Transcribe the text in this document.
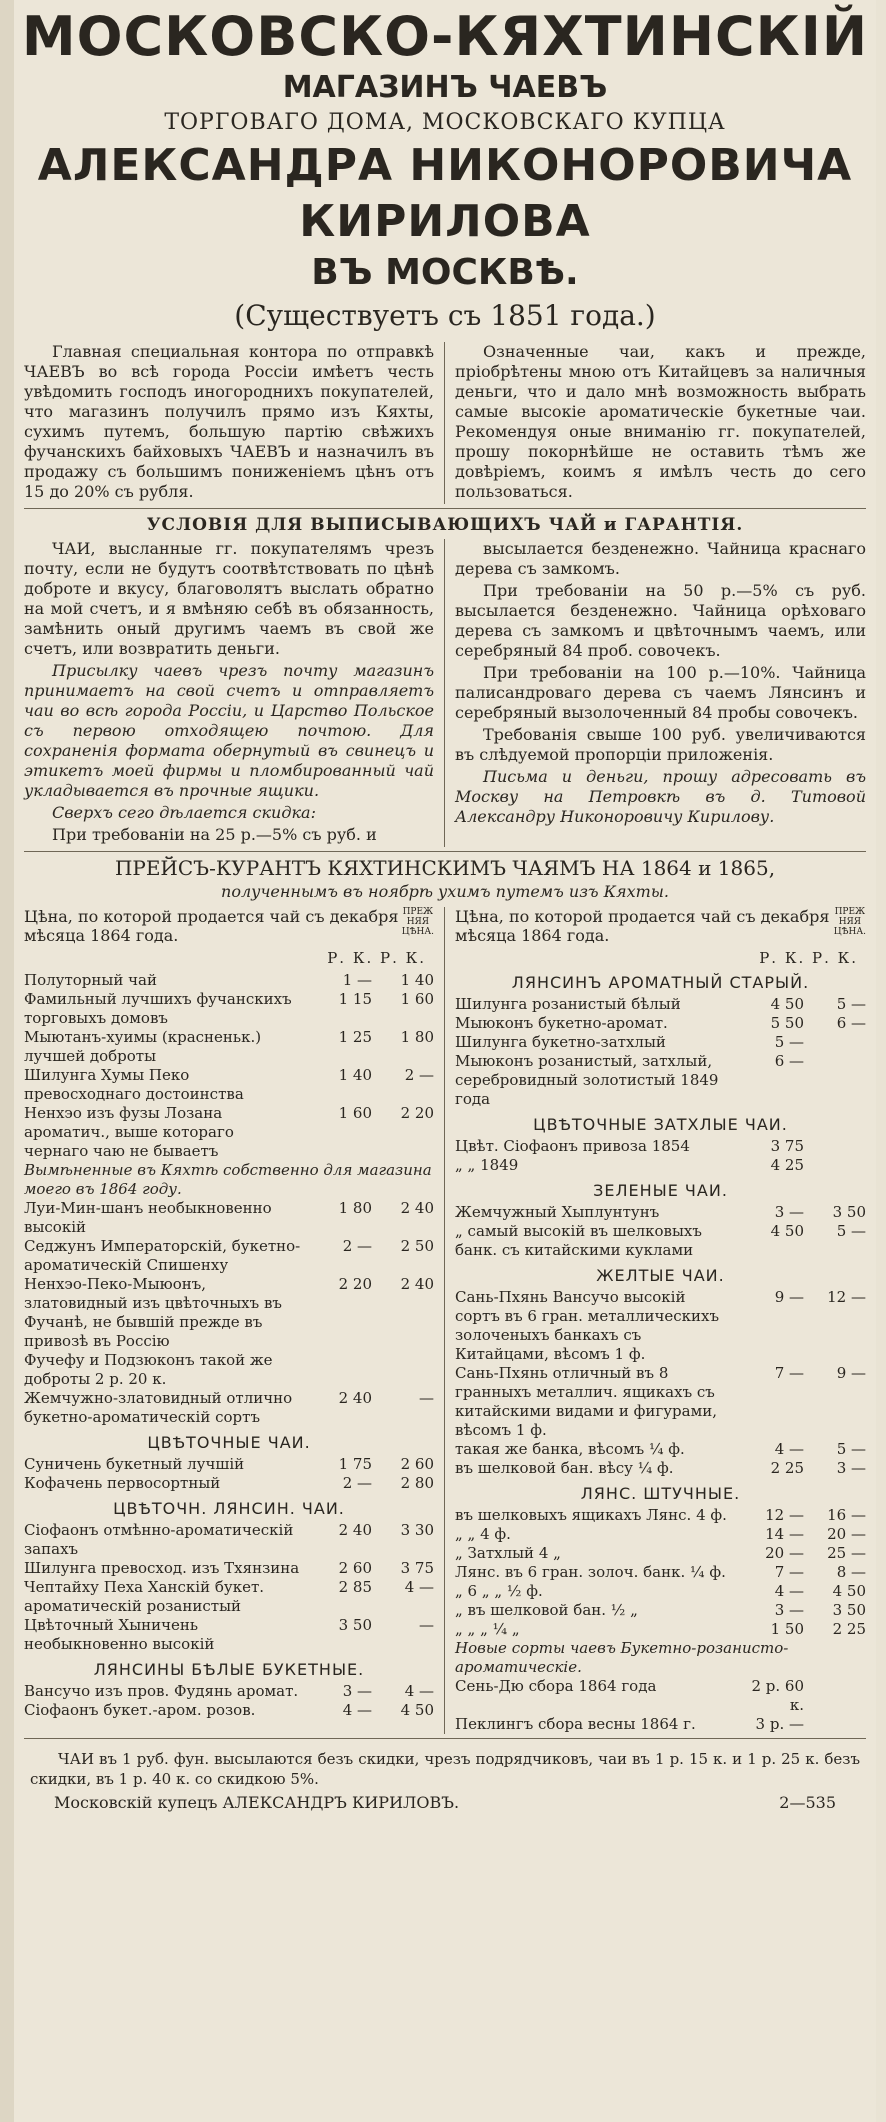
МОСКОВСКО-КЯХТИНСКІЙ
МАГАЗИНЪ ЧАЕВЪ
ТОРГОВАГО ДОМА, МОСКОВСКАГО КУПЦА
АЛЕКСАНДРА НИКОНОРОВИЧА КИРИЛОВА
ВЪ МОСКВѢ.
(Существуетъ съ 1851 года.)

Главная специальная контора по отправкѣ ЧАЕВЪ во всѣ города Россіи имѣетъ честь увѣдомить господъ иногороднихъ покупателей, что магазинъ получилъ прямо изъ Кяхты, сухимъ путемъ, большую партію свѣжихъ фучанскихъ байховыхъ ЧАЕВЪ и назначилъ въ продажу съ большимъ пониженіемъ цѣнъ отъ 15 до 20% съ рубля.

Означенные чаи, какъ и прежде, пріобрѣтены мною отъ Китайцевъ за наличныя деньги, что и дало мнѣ возможность выбрать самые высокіе ароматическіе букетные чаи. Рекомендуя оные вниманію гг. покупателей, прошу покорнѣйше не оставить тѣмъ же довѣріемъ, коимъ я имѣлъ честь до сего пользоваться.

УСЛОВІЯ ДЛЯ ВЫПИСЫВАЮЩИХЪ ЧАЙ и ГАРАНТІЯ.

ЧАИ, высланные гг. покупателямъ чрезъ почту, если не будутъ соотвѣтствовать по цѣнѣ доброте и вкусу, благоволятъ выслать обратно на мой счетъ, и я вмѣняю себѣ въ обязанность, замѣнить оный другимъ чаемъ въ свой же счетъ, или возвратить деньги.

Присылку чаевъ чрезъ почту магазинъ принимаетъ на свой счетъ и отправляетъ чаи во всѣ города Россіи, и Царство Польское съ первою отходящею почтою. Для сохраненія формата обернутый въ свинецъ и этикетъ моей фирмы и пломбированный чай укладывается въ прочные ящики.

Сверхъ сего дѣлается скидка:

При требованіи на 25 р.—5% съ руб. и

высылается безденежно. Чайница краснаго дерева съ замкомъ.

При требованіи на 50 р.—5% съ руб. высылается безденежно. Чайница орѣховаго дерева съ замкомъ и цвѣточнымъ чаемъ, или серебряный 84 проб. совочекъ.

При требованіи на 100 р.—10%. Чайница палисандроваго дерева съ чаемъ Лянсинъ и серебряный вызолоченный 84 пробы совочекъ.

Требованія свыше 100 руб. увеличиваются въ слѣдуемой пропорціи приложенія.

Письма и деньги, прошу адресовать въ Москву на Петровкѣ въ д. Титовой Александру Никоноровичу Кирилову.

ПРЕЙСЪ-КУРАНТЪ КЯХТИНСКИМЪ ЧАЯМЪ НА 1864 и 1865,
полученнымъ въ ноябрѣ ухимъ путемъ изъ Кяхты.
Цѣна, по которой продается чай съ декабря мѣсяца 1864 года.
ПРЕЖ НЯЯ ЦѢНА.
Р. К. Р. К.
Полуторный чай	1 —	1 40
Фамильный лучшихъ фучанскихъ торговыхъ домовъ
1 15	1 60
Мыютанъ-хуимы (красненьк.) лучшей доброты
1 25	1 80
Шилунга Хумы Пеко превосходнаго достоинства
1 40	2 —
Ненхэо изъ фузы Лозана ароматич., выше котораго чернаго чаю не бываетъ
1 60	2 20
Вымѣненные въ Кяхтѣ собственно для магазина моего въ 1864 году.
Луи-Мин-шанъ необыкновенно высокій
1 80	2 40
Седжунъ Императорскій, букетно-ароматическій Спишенху
2 —	2 50
Ненхэо-Пеко-Мыюонъ, златовидный изъ цвѣточныхъ въ Фучанѣ, не бывшій прежде въ привозѣ въ Россію
2 20	2 40
Фучефу и Подзюконъ такой же доброты 2 р. 20 к.
Жемчужно-златовидный отлично букетно-ароматическій сортъ
2 40	—
ЦВѢТОЧНЫЕ ЧАИ.
Суничень букетный лучшій	1 75	2 60
Кофачень первосортный	2 —	2 80
ЦВѢТОЧН. ЛЯНСИН. ЧАИ.
Сіофаонъ отмѣнно-ароматическій запахъ
2 40	3 30
Шилунга превосход. изъ Тхянзина	2 60	3 75
Чептайху Пеха Ханскій букет. ароматическій розанистый
2 85	4 —
Цвѣточный Хыничень необыкновенно высокій
3 50	—
ЛЯНСИНЫ БѢЛЫЕ БУКЕТНЫЕ.
Вансучо изъ пров. Фудянь аромат.	3 —	4 —
Сіофаонъ букет.-аром. розов.	4 —	4 50
Цѣна, по которой продается чай съ декабря мѣсяца 1864 года.
ПРЕЖ НЯЯ ЦѢНА.
Р. К. Р. К.
ЛЯНСИНЪ АРОМАТНЫЙ СТАРЫЙ.
Шилунга розанистый бѣлый	4 50	5 —
Мыюконъ букетно-аромат.	5 50	6 —
Шилунга букетно-затхлый	5 —
Мыюконъ розанистый, затхлый, серебровидный золотистый 1849 года
6 —
ЦВѢТОЧНЫЕ ЗАТХЛЫЕ ЧАИ.
Цвѣт. Сіофаонъ привоза 1854	3 75
„ „ 1849	4 25
ЗЕЛЕНЫЕ ЧАИ.
Жемчужный Хыплунтунъ	3 —	3 50
„ самый высокій въ шелковыхъ банк. съ китайскими куклами
4 50	5 —
ЖЕЛТЫЕ ЧАИ.
Сань-Пхянь Вансучо высокій сортъ въ 6 гран. металлическихъ золоченыхъ банкахъ съ Китайцами, вѣсомъ 1 ф.
9 —	12 —
Сань-Пхянь отличный въ 8 гранныхъ металлич. ящикахъ съ китайскими видами и фигурами, вѣсомъ 1 ф.
7 —	9 —
такая же банка, вѣсомъ ¼ ф.	4 —	5 —
въ шелковой бан. вѣсу ¼ ф.	2 25	3 —
ЛЯНС. ШТУЧНЫЕ.
въ шелковыхъ ящикахъ Лянс. 4 ф.	12 —	16 —
„ „ 4 ф.	14 —	20 —
„ Затхлый 4 „	20 —	25 —
Лянс. въ 6 гран. золоч. банк. ¼ ф.	7 —	8 —
„ 6 „ „ ½ ф.	4 —	4 50
„ въ шелковой бан. ½ „	3 —	3 50
„ „ „ ¼ „	1 50	2 25
Новые сорты чаевъ Букетно-розанисто-ароматическіе.
Сень-Дю сбора 1864 года	2 р. 60 к.
Пеклингъ сбора весны 1864 г.	3 р. —
ЧАИ въ 1 руб. фун. высылаются безъ скидки, чрезъ подрядчиковъ, чаи въ 1 р. 15 к. и 1 р. 25 к. безъ скидки, въ 1 р. 40 к. со скидкою 5%.
Московскій купецъ АЛЕКСАНДРЪ КИРИЛОВЪ.	2—535
